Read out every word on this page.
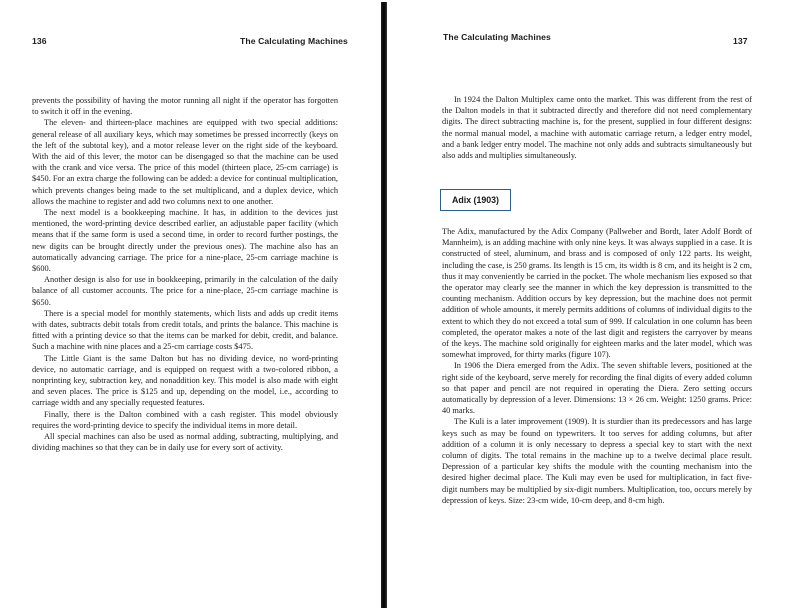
136	The Calculating Machines

prevents the possibility of having the motor running all night if the operator has forgotten to switch it off in the evening.

The eleven- and thirteen-place machines are equipped with two special additions: general release of all auxiliary keys, which may sometimes be pressed incorrectly (keys on the left of the subtotal key), and a motor release lever on the right side of the keyboard. With the aid of this lever, the motor can be disengaged so that the machine can be used with the crank and vice versa. The price of this model (thirteen place, 25-cm carriage) is $450. For an extra charge the following can be added: a device for continual multiplication, which prevents changes being made to the set multiplicand, and a duplex device, which allows the machine to register and add two columns next to one another.

The next model is a bookkeeping machine. It has, in addition to the devices just mentioned, the word-printing device described earlier, an adjustable paper facility (which means that if the same form is used a second time, in order to record further postings, the new digits can be brought directly under the previous ones). The machine also has an automatically advancing carriage. The price for a nine-place, 25-cm carriage machine is $600.

Another design is also for use in bookkeeping, primarily in the calculation of the daily balance of all customer accounts. The price for a nine-place, 25-cm carriage machine is $650.

There is a special model for monthly statements, which lists and adds up credit items with dates, subtracts debit totals from credit totals, and prints the balance. This machine is fitted with a printing device so that the items can be marked for debit, credit, and balance. Such a machine with nine places and a 25-cm carriage costs $475.

The Little Giant is the same Dalton but has no dividing device, no word-printing device, no automatic carriage, and is equipped on request with a two-colored ribbon, a nonprinting key, subtraction key, and nonaddition key. This model is also made with eight and seven places. The price is $125 and up, depending on the model, i.e., according to carriage width and any specially requested features.

Finally, there is the Dalton combined with a cash register. This model obviously requires the word-printing device to specify the individual items in more detail.

All special machines can also be used as normal adding, subtracting, multiplying, and dividing machines so that they can be in daily use for every sort of activity.

The Calculating Machines	137

In 1924 the Dalton Multiplex came onto the market. This was different from the rest of the Dalton models in that it subtracted directly and therefore did not need complementary digits. The direct subtracting machine is, for the present, supplied in four different designs: the normal manual model, a machine with automatic carriage return, a ledger entry model, and a bank ledger entry model. The machine not only adds and subtracts simultaneously but also adds and multiplies simultaneously.

Adix (1903)

The Adix, manufactured by the Adix Company (Pallweber and Bordt, later Adolf Bordt of Mannheim), is an adding machine with only nine keys. It was always supplied in a case. It is constructed of steel, aluminum, and brass and is composed of only 122 parts. Its weight, including the case, is 250 grams. Its length is 15 cm, its width is 8 cm, and its height is 2 cm, thus it may conveniently be carried in the pocket. The whole mechanism lies exposed so that the operator may clearly see the manner in which the key depression is transmitted to the counting mechanism. Addition occurs by key depression, but the machine does not permit addition of whole amounts, it merely permits additions of columns of individual digits to the extent to which they do not exceed a total sum of 999. If calculation in one column has been completed, the operator makes a note of the last digit and registers the carryover by means of the keys. The machine sold originally for eighteen marks and the later model, which was somewhat improved, for thirty marks (figure 107).

In 1906 the Diera emerged from the Adix. The seven shiftable levers, positioned at the right side of the keyboard, serve merely for recording the final digits of every added column so that paper and pencil are not required in operating the Diera. Zero setting occurs automatically by depression of a lever. Dimensions: 13 × 26 cm. Weight: 1250 grams. Price: 40 marks.

The Kuli is a later improvement (1909). It is sturdier than its predecessors and has large keys such as may be found on typewriters. It too serves for adding columns, but after addition of a column it is only necessary to depress a special key to start with the next column of digits. The total remains in the machine up to a twelve decimal place result. Depression of a particular key shifts the module with the counting mechanism into the desired higher decimal place. The Kuli may even be used for multiplication, in fact five-digit numbers may be multiplied by six-digit numbers. Multiplication, too, occurs merely by depression of keys. Size: 23-cm wide, 10-cm deep, and 8-cm high.
